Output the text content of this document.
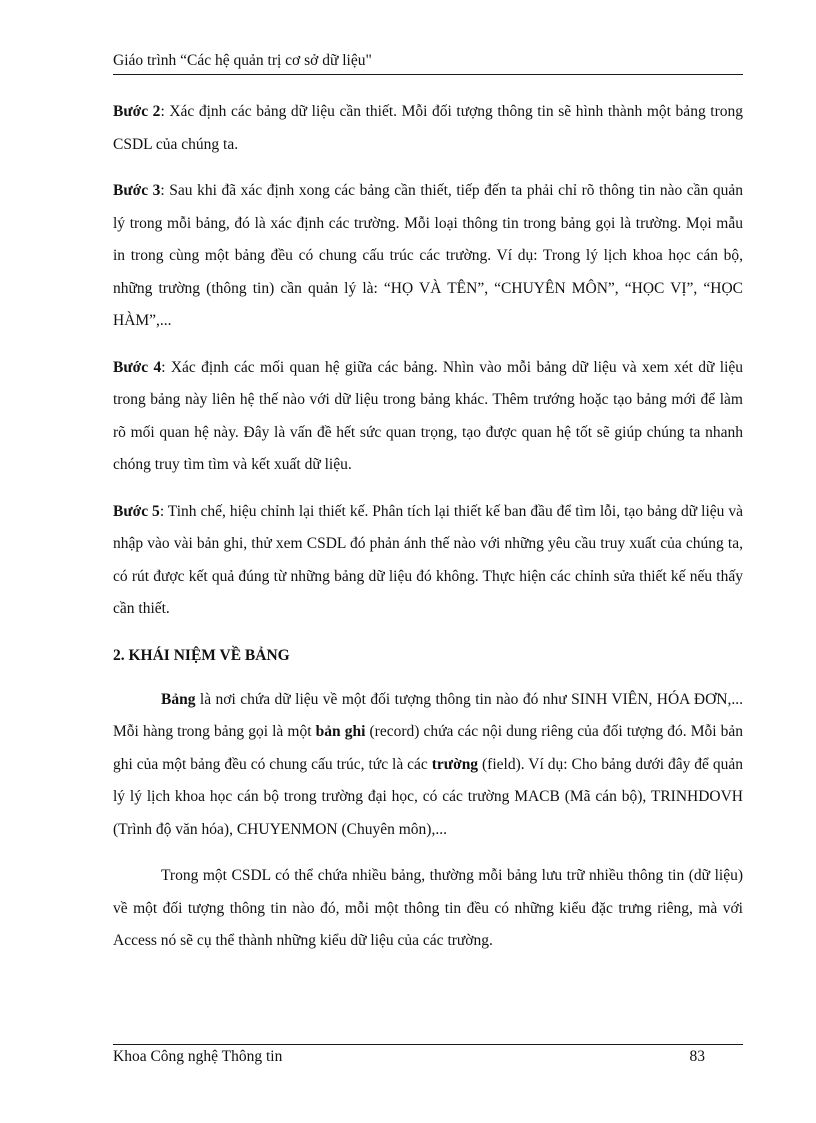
Giáo trình “Các hệ quản trị cơ sở dữ liệu"

Bước 2: Xác định các bảng dữ liệu cần thiết. Mỗi đối tượng thông tin sẽ hình thành một bảng trong CSDL của chúng ta.

Bước 3: Sau khi đã xác định xong các bảng cần thiết, tiếp đến ta phải chỉ rõ thông tin nào cần quản lý trong mỗi bảng, đó là xác định các trường. Mỗi loại thông tin trong bảng gọi là trường. Mọi mẫu in trong cùng một bảng đều có chung cấu trúc các trường. Ví dụ: Trong lý lịch khoa học cán bộ, những trường (thông tin) cần quản lý là: “HỌ VÀ TÊN”, “CHUYÊN MÔN”, “HỌC VỊ”, “HỌC HÀM”,...

Bước 4: Xác định các mối quan hệ giữa các bảng. Nhìn vào mỗi bảng dữ liệu và xem xét dữ liệu trong bảng này liên hệ thế nào với dữ liệu trong bảng khác. Thêm trướng hoặc tạo bảng mới để làm rõ mối quan hệ này. Đây là vấn đề hết sức quan trọng, tạo được quan hệ tốt sẽ giúp chúng ta nhanh chóng truy tìm tìm và kết xuất dữ liệu.

Bước 5: Tinh chế, hiệu chỉnh lại thiết kế. Phân tích lại thiết kế ban đầu để tìm lỗi, tạo bảng dữ liệu và nhập vào vài bản ghi, thử xem CSDL đó phản ánh thế nào với những yêu cầu truy xuất của chúng ta, có rút được kết quả đúng từ những bảng dữ liệu đó không. Thực hiện các chỉnh sửa thiết kế nếu thấy cần thiết.

2. KHÁI NIỆM VỀ BẢNG

Bảng là nơi chứa dữ liệu về một đối tượng thông tin nào đó như SINH VIÊN, HÓA ĐƠN,... Mỗi hàng trong bảng gọi là một bản ghi (record) chứa các nội dung riêng của đối tượng đó. Mỗi bản ghi của một bảng đều có chung cấu trúc, tức là các trường (field). Ví dụ: Cho bảng dưới đây để quản lý lý lịch khoa học cán bộ trong trường đại học, có các trường MACB (Mã cán bộ), TRINHDOVH (Trình độ văn hóa), CHUYENMON (Chuyên môn),...

Trong một CSDL có thể chứa nhiều bảng, thường mỗi bảng lưu trữ nhiều thông tin (dữ liệu) về một đối tượng thông tin nào đó, mỗi một thông tin đều có những kiểu đặc trưng riêng, mà với Access nó sẽ cụ thể thành những kiểu dữ liệu của các trường.

Khoa Công nghệ Thông tin	83
